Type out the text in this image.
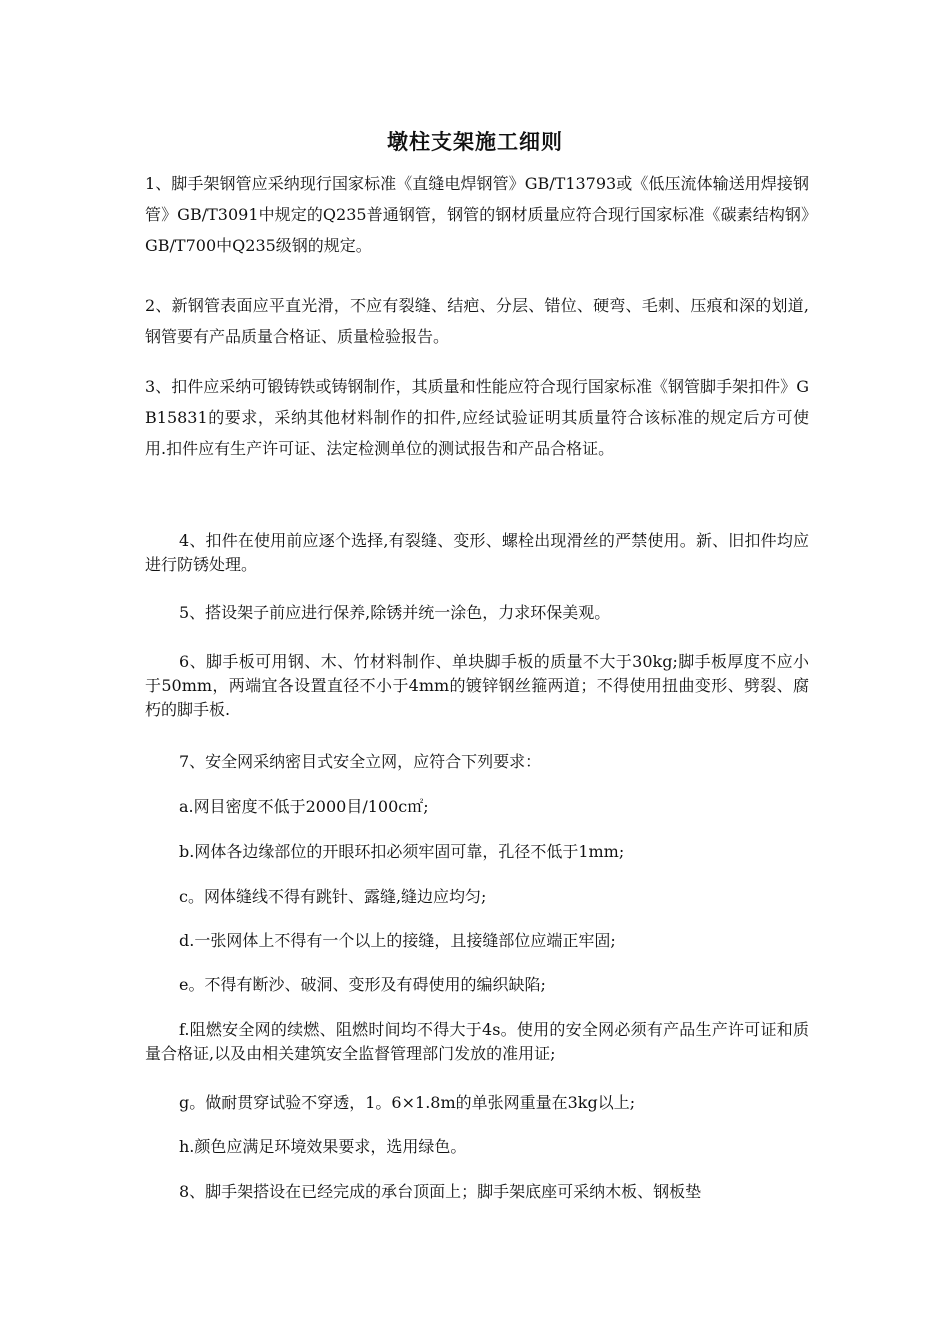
墩柱支架施工细则

1、脚手架钢管应采纳现行国家标准《直缝电焊钢管》GB/T13793或《低压流体输送用焊接钢管》GB/T3091中规定的Q235普通钢管，钢管的钢材质量应符合现行国家标准《碳素结构钢》GB/T700中Q235级钢的规定。

2、新钢管表面应平直光滑，不应有裂缝、结疤、分层、错位、硬弯、毛刺、压痕和深的划道,钢管要有产品质量合格证、质量检验报告。

3、扣件应采纳可锻铸铁或铸钢制作，其质量和性能应符合现行国家标准《钢管脚手架扣件》GB15831的要求，采纳其他材料制作的扣件,应经试验证明其质量符合该标准的规定后方可使用.扣件应有生产许可证、法定检测单位的测试报告和产品合格证。

4、扣件在使用前应逐个选择,有裂缝、变形、螺栓出现滑丝的严禁使用。新、旧扣件均应进行防锈处理。

5、搭设架子前应进行保养,除锈并统一涂色，力求环保美观。

6、脚手板可用钢、木、竹材料制作、单块脚手板的质量不大于30kg;脚手板厚度不应小于50mm，两端宜各设置直径不小于4mm的镀锌钢丝箍两道；不得使用扭曲变形、劈裂、腐朽的脚手板.

7、安全网采纳密目式安全立网，应符合下列要求：

a.网目密度不低于2000目/100c㎡;

b.网体各边缘部位的开眼环扣必须牢固可靠，孔径不低于1mm;

c。网体缝线不得有跳针、露缝,缝边应均匀;

d.一张网体上不得有一个以上的接缝，且接缝部位应端正牢固;

e。不得有断沙、破洞、变形及有碍使用的编织缺陷;

f.阻燃安全网的续燃、阻燃时间均不得大于4s。使用的安全网必须有产品生产许可证和质量合格证,以及由相关建筑安全监督管理部门发放的准用证;

g。做耐贯穿试验不穿透，1。6×1.8m的单张网重量在3kg以上;

h.颜色应满足环境效果要求，选用绿色。

8、脚手架搭设在已经完成的承台顶面上；脚手架底座可采纳木板、钢板垫
